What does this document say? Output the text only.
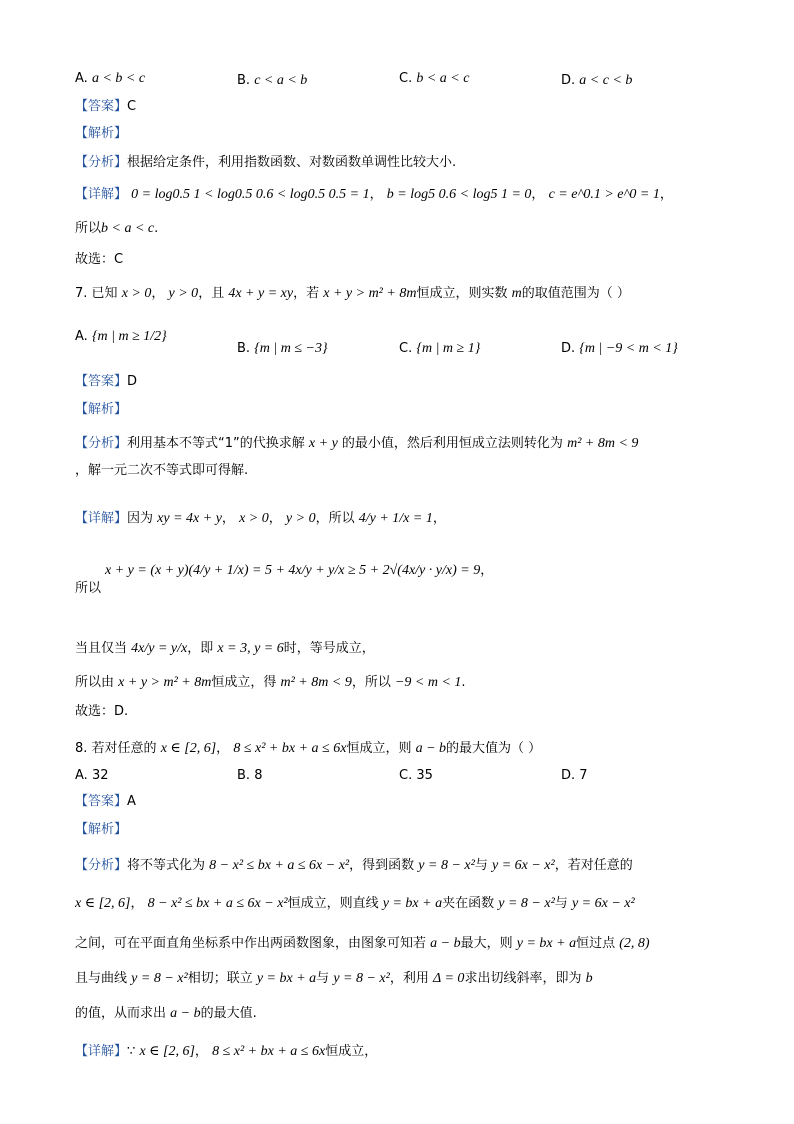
A. a < b < c	B. c < a < b	C. b < a < c	D. a < c < b
【答案】C
【解析】
【分析】根据给定条件，利用指数函数、对数函数单调性比较大小.
【详解】 0 = log0.5 1 < log0.5 0.6 < log0.5 0.5 = 1， b = log5 0.6 < log5 1 = 0， c = e^0.1 > e^0 = 1，
所以b < a < c.
故选：C
7. 已知 x > 0， y > 0，且 4x + y = xy，若 x + y > m² + 8m恒成立，则实数 m的取值范围为（ ）
A. {m | m ≥ 1/2}
B. {m | m ≤ −3}	C. {m | m ≥ 1}	D. {m | −9 < m < 1}
【答案】D
【解析】
【分析】利用基本不等式“1”的代换求解 x + y 的最小值，然后利用恒成立法则转化为 m² + 8m < 9
，解一元二次不等式即可得解.
【详解】因为 xy = 4x + y， x > 0， y > 0，所以 4/y + 1/x = 1，
所以
x + y = (x + y)(4/y + 1/x) = 5 + 4x/y + y/x ≥ 5 + 2√(4x/y · y/x) = 9，
当且仅当 4x/y = y/x，即 x = 3, y = 6时，等号成立，
所以由 x + y > m² + 8m恒成立，得 m² + 8m < 9，所以 −9 < m < 1.
故选：D.
8. 若对任意的 x ∈ [2, 6]， 8 ≤ x² + bx + a ≤ 6x恒成立，则 a − b的最大值为（ ）
A. 32	B. 8	C. 35	D. 7
【答案】A
【解析】
【分析】将不等式化为 8 − x² ≤ bx + a ≤ 6x − x²，得到函数 y = 8 − x²与 y = 6x − x²，若对任意的
x ∈ [2, 6]， 8 − x² ≤ bx + a ≤ 6x − x²恒成立，则直线 y = bx + a夹在函数 y = 8 − x²与 y = 6x − x²
之间，可在平面直角坐标系中作出两函数图象，由图象可知若 a − b最大，则 y = bx + a恒过点 (2, 8)
且与曲线 y = 8 − x²相切；联立 y = bx + a与 y = 8 − x²，利用 Δ = 0求出切线斜率，即为 b
的值，从而求出 a − b的最大值.
【详解】∵ x ∈ [2, 6]， 8 ≤ x² + bx + a ≤ 6x恒成立，
